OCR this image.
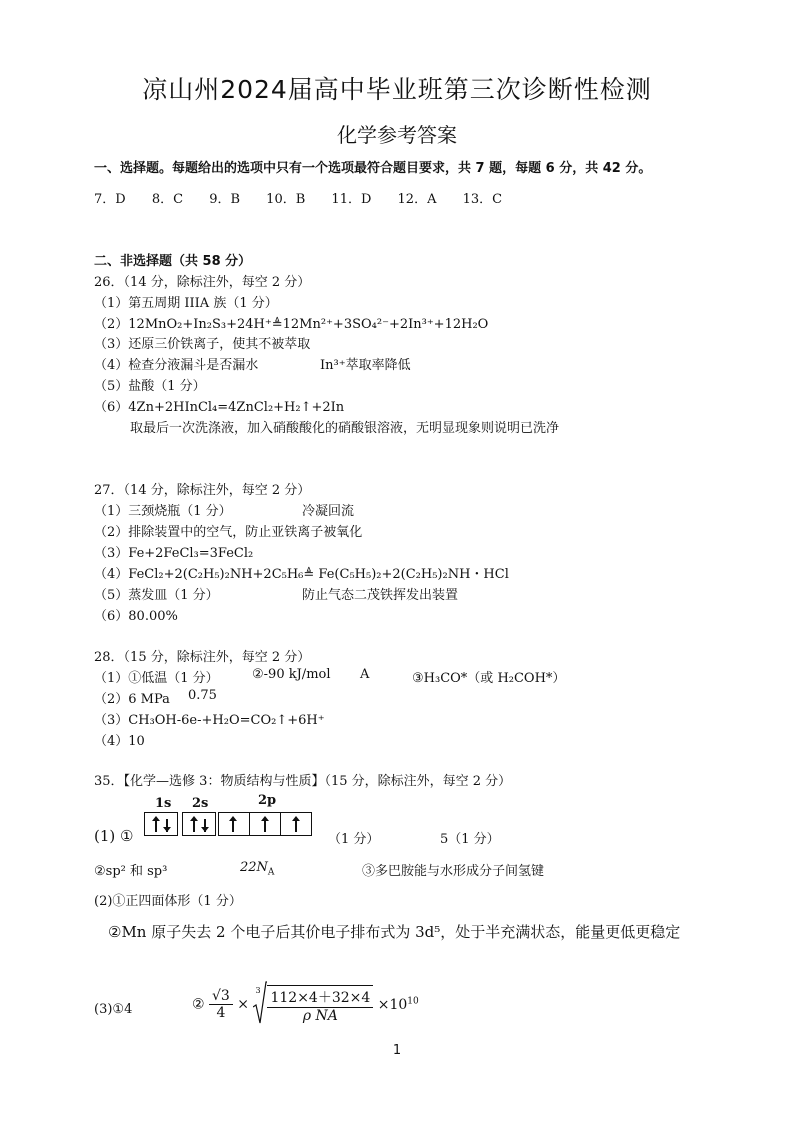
凉山州2024届高中毕业班第三次诊断性检测
化学参考答案
一、选择题。每题给出的选项中只有一个选项最符合题目要求，共 7 题，每题 6 分，共 42 分。
7．D 8．C 9．B 10．B 11．D 12．A 13．C
二、非选择题（共 58 分）
26．（14 分，除标注外，每空 2 分）
（1）第五周期 IIIA 族（1 分）
（2）12MnO₂+In₂S₃+24H⁺≜12Mn²⁺+3SO₄²⁻+2In³⁺+12H₂O
（3）还原三价铁离子，使其不被萃取
（4）检查分液漏斗是否漏水	In³⁺萃取率降低
（5）盐酸（1 分）
（6）4Zn+2HInCl₄=4ZnCl₂+H₂↑+2In
取最后一次洗涤液，加入硝酸酸化的硝酸银溶液，无明显现象则说明已洗净
27．（14 分，除标注外，每空 2 分）
（1）三颈烧瓶（1 分）	冷凝回流
（2）排除装置中的空气，防止亚铁离子被氧化
（3）Fe+2FeCl₃=3FeCl₂
（4）FeCl₂+2(C₂H₅)₂NH+2C₅H₆≜ Fe(C₅H₅)₂+2(C₂H₅)₂NH・HCl
（5）蒸发皿（1 分）	防止气态二茂铁挥发出装置
（6）80.00%
28．（15 分，除标注外，每空 2 分）
（1）①低温（1 分）	②-90 kJ/mol A	③H₃CO*（或 H₂COH*）
（2）6 MPa 0.75
（3）CH₃OH-6e-+H₂O=CO₂↑+6H⁺
（4）10
35．【化学—选修 3：物质结构与性质】（15 分，除标注外，每空 2 分）
1s 2s	2p
(1) ①	（1 分）	5（1 分）
②sp² 和 sp³	$22N_A$	③多巴胺能与水形成分子间氢键
(2)①正四面体形（1 分）
②Mn 原子失去 2 个电子后其价电子排布式为 3d⁵，处于半充满状态，能量更低更稳定
(3)①4	② $\frac{√3}{4}$ ×
$3 \frac{112\times 4+32\times 4}{\text{ρ NA}} \times 10^{10}$
1
